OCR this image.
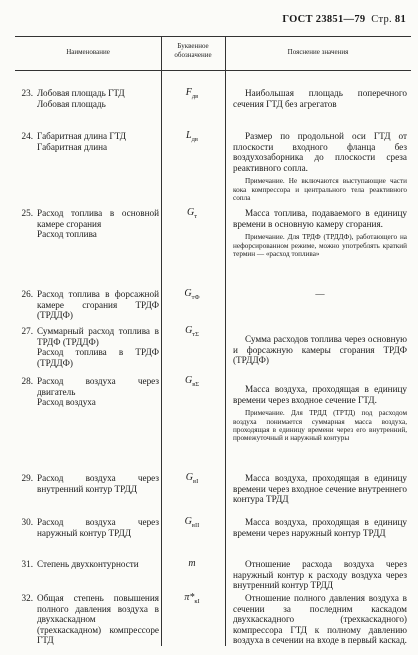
ГОСТ 23851—79 Стр. 81
Наименование
Буквенное обозначение	Пояснение значения
23. Лобовая площадь ГТД
Лобовая площадь
$F_{дв}$	Наибольшая площадь поперечного сечения ГТД без агрегатов

24. Габаритная длина ГТД
Габаритная длина
$L_{дв}$	Размер по продольной оси ГТД от плоскости входного фланца без воздухозаборника до плоскости среза реактивного сопла.

Примечание. Не включаются выступающие части кока компрессора и центрального тела реактивного сопла

25. Расход топлива в основной камере сгорания
Расход топлива
$G_т$	Масса топлива, подаваемого в единицу времени в основную камеру сгорания.

Примечание. Для ТРДФ (ТРДДФ), работающего на нефорсированном режиме, можно употреблять краткий термин — «расход топлива»

26. Расход топлива в форсажной камере сгорания ТРДФ (ТРДДФ)
$G_{тФ}$	—
27. Суммарный расход топлива в ТРДФ (ТРДДФ)
Расход топлива в ТРДФ (ТРДДФ)
$G_{т\Sigma}$	Сумма расходов топлива через основную и форсажную камеры сгорания ТРДФ (ТРДДФ)

28. Расход воздуха через двигатель
Расход воздуха
$G_{в\Sigma}$	Масса воздуха, проходящая в единицу времени через входное сечение ГТД.

Примечание. Для ТРДД (ТРТД) под расходом воздуха понимается суммарная масса воздуха, проходящая в единицу времени через его внутренний, промежуточный и наружный контуры

29. Расход воздуха через внутренний контур ТРДД
$G_{вI}$	Масса воздуха, проходящая в единицу времени через входное сечение внутреннего контура ТРДД

30. Расход воздуха через наружный контур ТРДД
$G_{вII}$	Масса воздуха, проходящая в единицу времени через наружный контур ТРДД

31. Степень двухконтурности	m	Отношение расхода воздуха через наружный контур к расходу воздуха через внутренний контур ТРДД

32. Общая степень повышения полного давления воздуха в двухкаскадном (трехкаскадном) компрессоре ГТД
$\pi*_{кI}$	Отношение полного давления воздуха в сечении за последним каскадом двухкаскадного (трехкаскадного) компрессора ГТД к полному давлению воздуха в сечении на входе в первый каскад.
